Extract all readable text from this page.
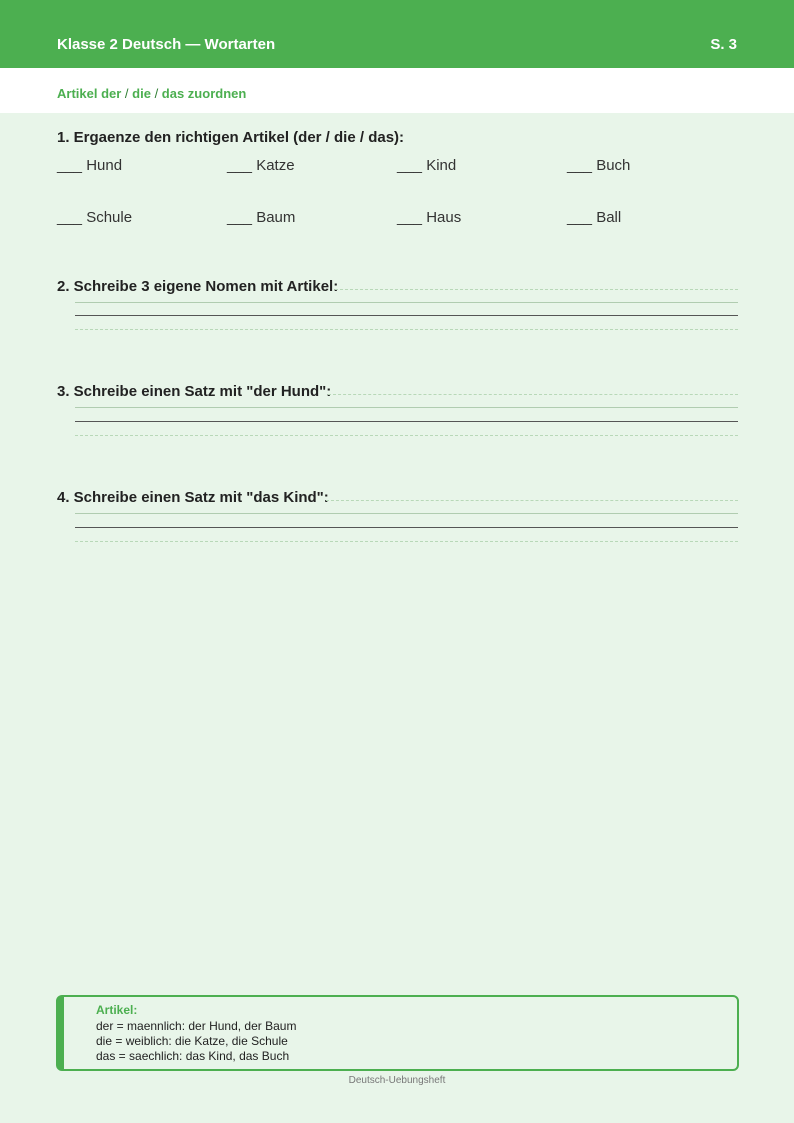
Klasse 2 Deutsch — Wortarten	S. 3
Artikel der / die / das zuordnen
1. Ergaenze den richtigen Artikel (der / die / das):
___ Hund	___ Katze	___ Kind	___ Buch
___ Schule	___ Baum	___ Haus	___ Ball
2. Schreibe 3 eigene Nomen mit Artikel:
3. Schreibe einen Satz mit "der Hund":
4. Schreibe einen Satz mit "das Kind":
Artikel:
der = maennlich: der Hund, der Baum
die = weiblich: die Katze, die Schule
das = saechlich: das Kind, das Buch
Deutsch-Uebungsheft
